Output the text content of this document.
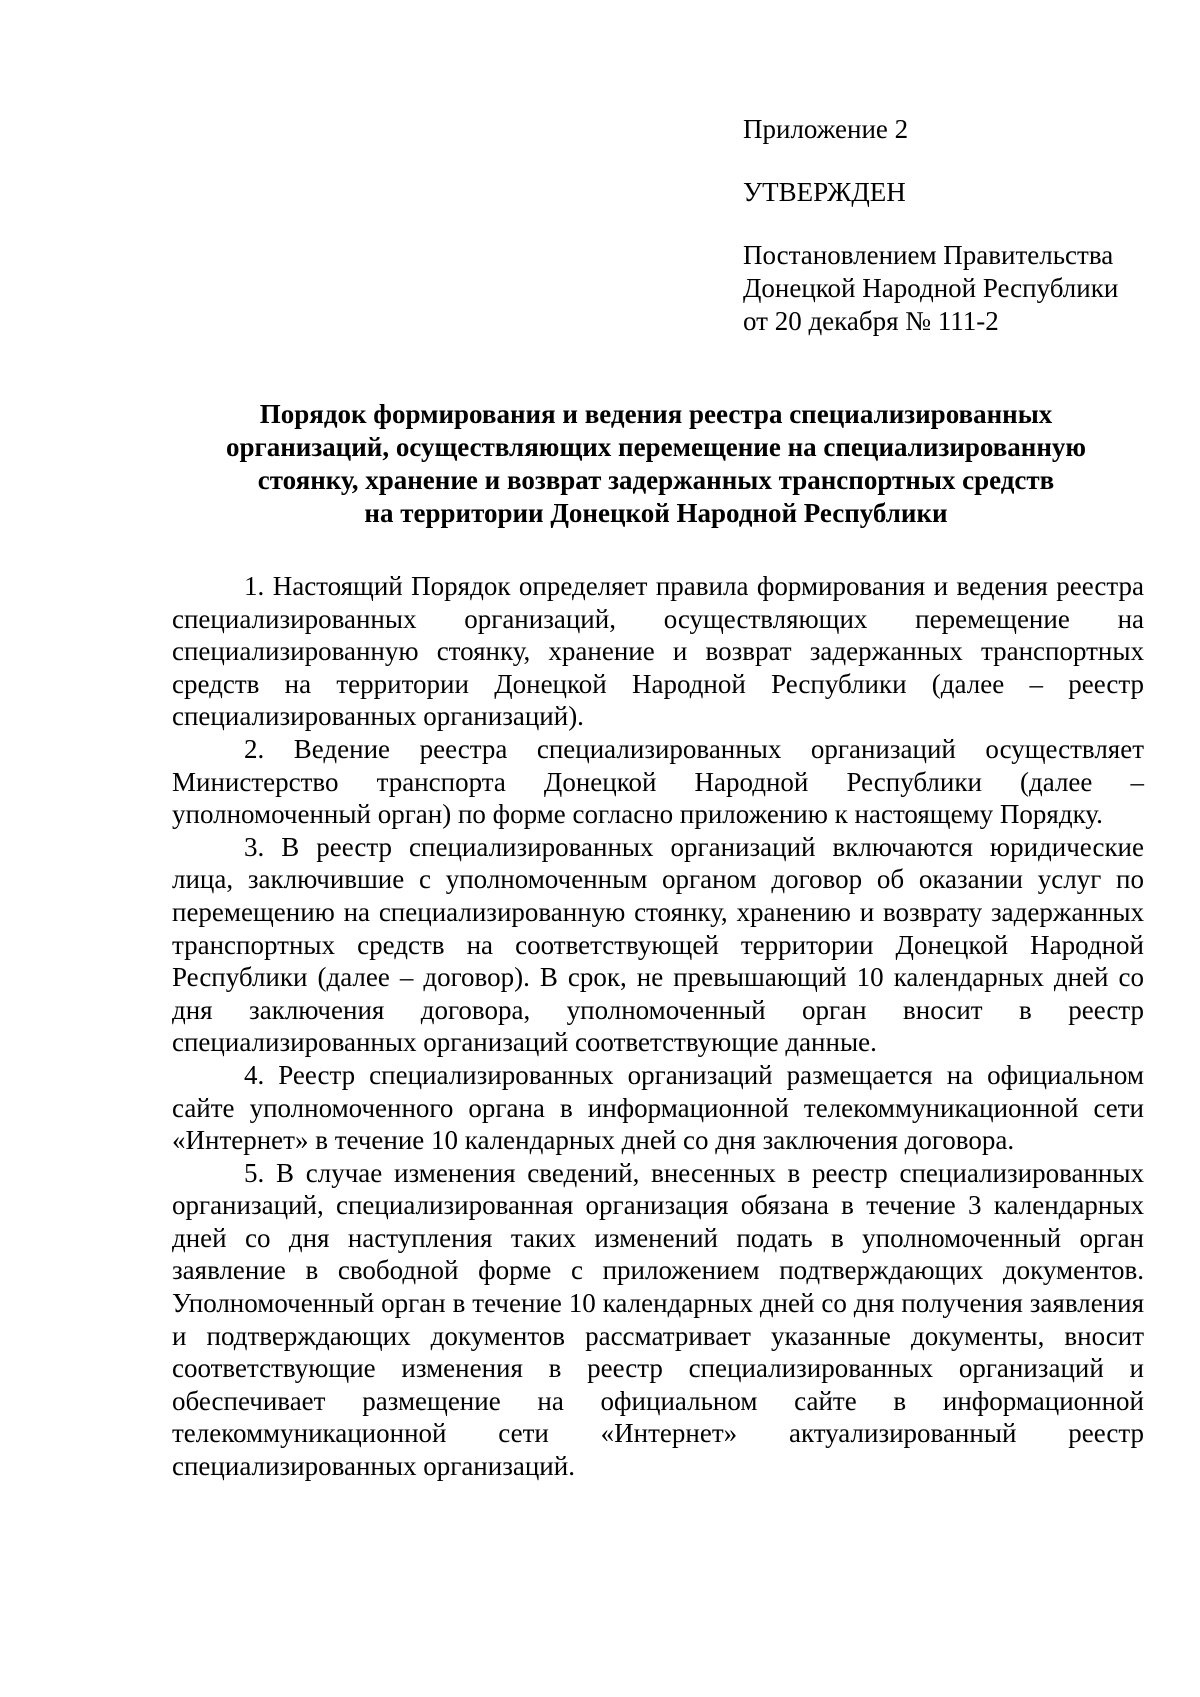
Приложение 2
УТВЕРЖДЕН
Постановлением Правительства
Донецкой Народной Республики
от 20 декабря № 111-2
Порядок формирования и ведения реестра специализированных
организаций, осуществляющих перемещение на специализированную
стоянку, хранение и возврат задержанных транспортных средств
на территории Донецкой Народной Республики

1. Настоящий Порядок определяет правила формирования и ведения реестра специализированных организаций, осуществляющих перемещение на специализированную стоянку, хранение и возврат задержанных транспортных средств на территории Донецкой Народной Республики (далее – реестр специализированных организаций).

2. Ведение реестра специализированных организаций осуществляет Министерство транспорта Донецкой Народной Республики (далее – уполномоченный орган) по форме согласно приложению к настоящему Порядку.

3. В реестр специализированных организаций включаются юридические лица, заключившие с уполномоченным органом договор об оказании услуг по перемещению на специализированную стоянку, хранению и возврату задержанных транспортных средств на соответствующей территории Донецкой Народной Республики (далее – договор). В срок, не превышающий 10 календарных дней со дня заключения договора, уполномоченный орган вносит в реестр специализированных организаций соответствующие данные.

4. Реестр специализированных организаций размещается на официальном сайте уполномоченного органа в информационной телекоммуникационной сети «Интернет» в течение 10 календарных дней со дня заключения договора.

5. В случае изменения сведений, внесенных в реестр специализированных организаций, специализированная организация обязана в течение 3 календарных дней со дня наступления таких изменений подать в уполномоченный орган заявление в свободной форме с приложением подтверждающих документов. Уполномоченный орган в течение 10 календарных дней со дня получения заявления и подтверждающих документов рассматривает указанные документы, вносит соответствующие изменения в реестр специализированных организаций и обеспечивает размещение на официальном сайте в информационной телекоммуникационной сети «Интернет» актуализированный реестр специализированных организаций.
